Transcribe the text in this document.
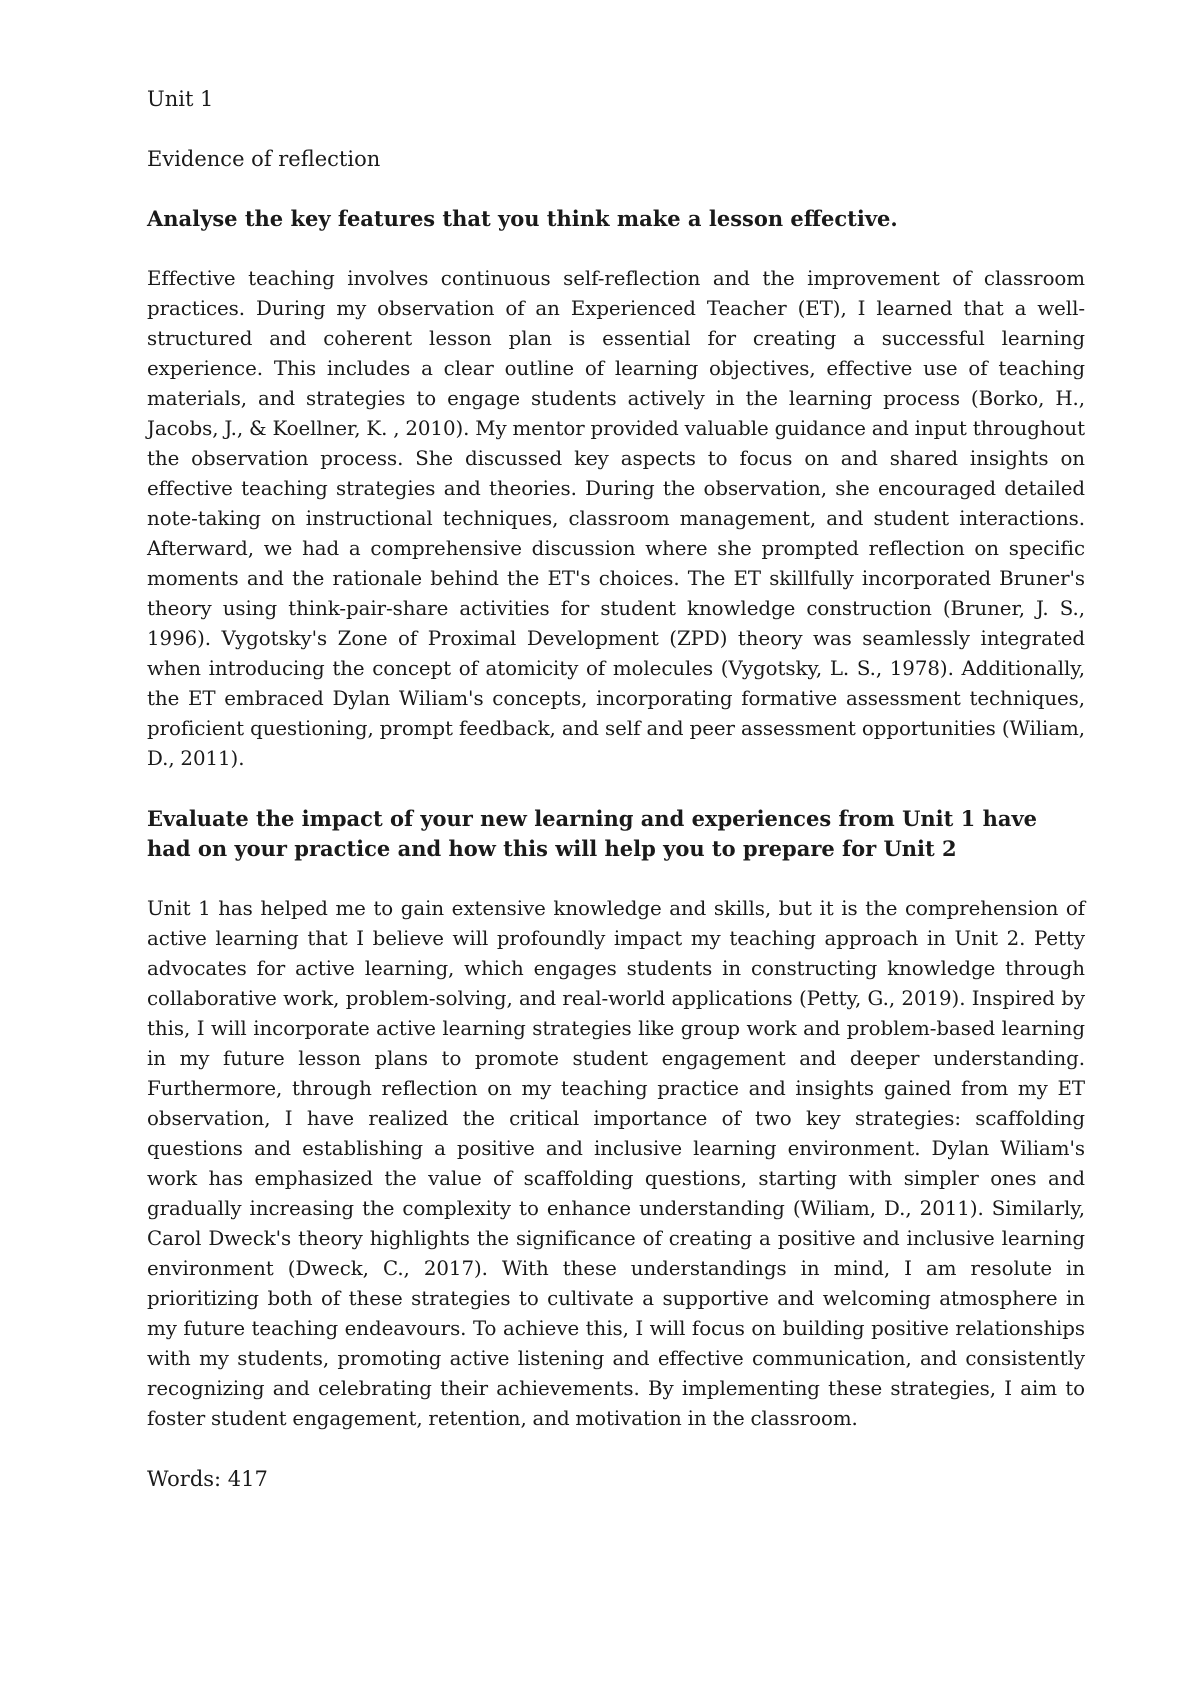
Unit 1

Evidence of reflection

Analyse the key features that you think make a lesson effective.

Effective teaching involves continuous self-reflection and the improvement of classroom practices. During my observation of an Experienced Teacher (ET), I learned that a well-structured and coherent lesson plan is essential for creating a successful learning experience. This includes a clear outline of learning objectives, effective use of teaching materials, and strategies to engage students actively in the learning process (Borko, H., Jacobs, J., & Koellner, K. , 2010). My mentor provided valuable guidance and input throughout the observation process. She discussed key aspects to focus on and shared insights on effective teaching strategies and theories. During the observation, she encouraged detailed note-taking on instructional techniques, classroom management, and student interactions. Afterward, we had a comprehensive discussion where she prompted reflection on specific moments and the rationale behind the ET's choices. The ET skillfully incorporated Bruner's theory using think-pair-share activities for student knowledge construction (Bruner, J. S., 1996). Vygotsky's Zone of Proximal Development (ZPD) theory was seamlessly integrated when introducing the concept of atomicity of molecules (Vygotsky, L. S., 1978). Additionally, the ET embraced Dylan Wiliam's concepts, incorporating formative assessment techniques, proficient questioning, prompt feedback, and self and peer assessment opportunities (Wiliam, D., 2011).

Evaluate the impact of your new learning and experiences from Unit 1 have had on your practice and how this will help you to prepare for Unit 2

Unit 1 has helped me to gain extensive knowledge and skills, but it is the comprehension of active learning that I believe will profoundly impact my teaching approach in Unit 2. Petty advocates for active learning, which engages students in constructing knowledge through collaborative work, problem-solving, and real-world applications (Petty, G., 2019). Inspired by this, I will incorporate active learning strategies like group work and problem-based learning in my future lesson plans to promote student engagement and deeper understanding. Furthermore, through reflection on my teaching practice and insights gained from my ET observation, I have realized the critical importance of two key strategies: scaffolding questions and establishing a positive and inclusive learning environment. Dylan Wiliam's work has emphasized the value of scaffolding questions, starting with simpler ones and gradually increasing the complexity to enhance understanding (Wiliam, D., 2011). Similarly, Carol Dweck's theory highlights the significance of creating a positive and inclusive learning environment (Dweck, C., 2017). With these understandings in mind, I am resolute in prioritizing both of these strategies to cultivate a supportive and welcoming atmosphere in my future teaching endeavours. To achieve this, I will focus on building positive relationships with my students, promoting active listening and effective communication, and consistently recognizing and celebrating their achievements. By implementing these strategies, I aim to foster student engagement, retention, and motivation in the classroom.

Words: 417
